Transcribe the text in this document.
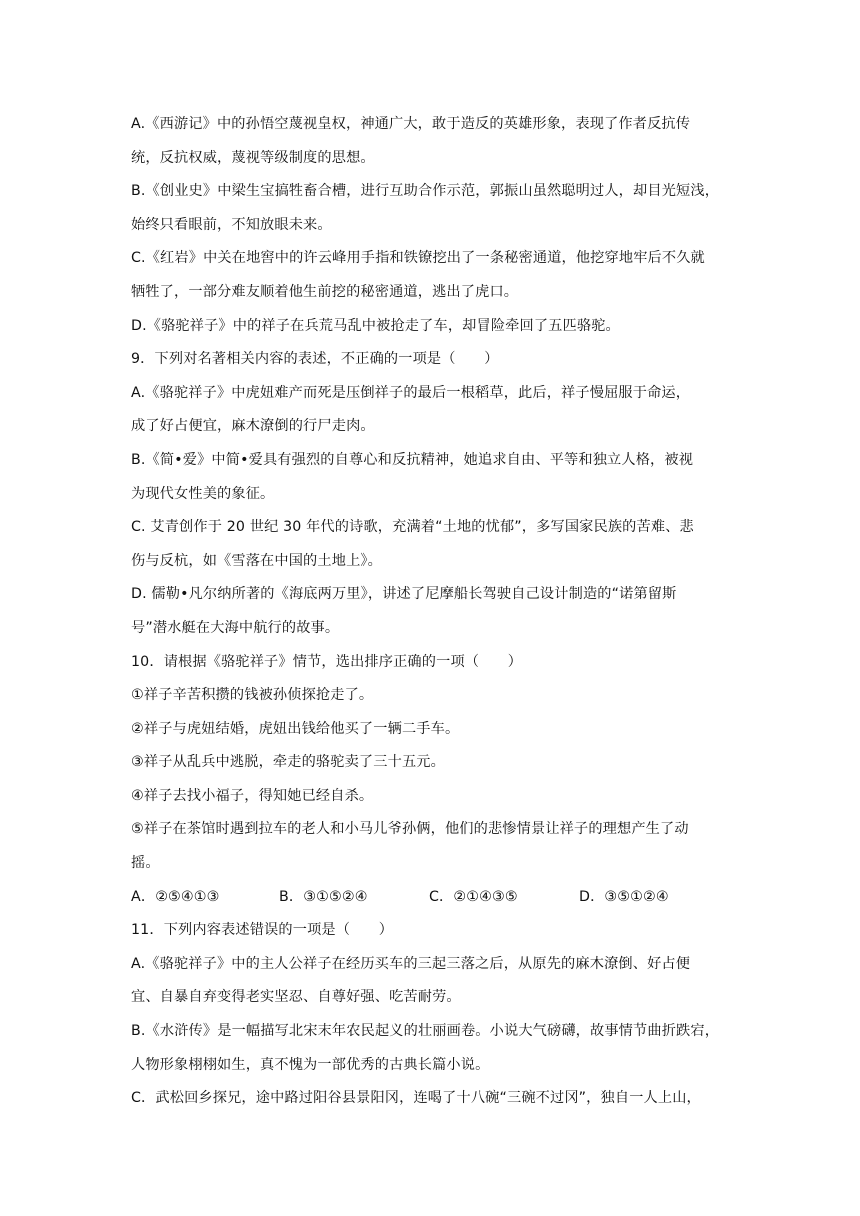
A.《西游记》中的孙悟空蔑视皇权，神通广大，敢于造反的英雄形象，表现了作者反抗传
统，反抗权威，蔑视等级制度的思想。
B.《创业史》中梁生宝搞牲畜合槽，进行互助合作示范，郭振山虽然聪明过人，却目光短浅，
始终只看眼前，不知放眼未来。
C.《红岩》中关在地窖中的许云峰用手指和铁镣挖出了一条秘密通道，他挖穿地牢后不久就
牺牲了，一部分难友顺着他生前挖的秘密通道，逃出了虎口。
D.《骆驼祥子》中的祥子在兵荒马乱中被抢走了车，却冒险牵回了五匹骆驼。
9．下列对名著相关内容的表述，不正确的一项是（　　）
A.《骆驼祥子》中虎妞难产而死是压倒祥子的最后一根稻草，此后，祥子慢屈服于命运，
成了好占便宜，麻木潦倒的行尸走肉。
B.《简•爱》中简•爱具有强烈的自尊心和反抗精神，她追求自由、平等和独立人格，被视
为现代女性美的象征。
C. 艾青创作于 20 世纪 30 年代的诗歌，充满着“土地的忧郁”，多写国家民族的苦难、悲
伤与反杭，如《雪落在中国的土地上》。
D. 儒勒•凡尔纳所著的《海底两万里》，讲述了尼摩船长驾驶自己设计制造的“诺第留斯
号”潜水艇在大海中航行的故事。
10．请根据《骆驼祥子》情节，选出排序正确的一项（　　）
①祥子辛苦积攒的钱被孙侦探抢走了。
②祥子与虎妞结婚，虎妞出钱给他买了一辆二手车。
③祥子从乱兵中逃脱，牵走的骆驼卖了三十五元。
④祥子去找小福子，得知她已经自杀。
⑤祥子在茶馆时遇到拉车的老人和小马儿爷孙俩，他们的悲惨情景让祥子的理想产生了动
摇。
A．②⑤④①③	B．③①⑤②④	C．②①④③⑤	D．③⑤①②④
11．下列内容表述错误的一项是（　　）
A.《骆驼祥子》中的主人公祥子在经历买车的三起三落之后，从原先的麻木潦倒、好占便
宜、自暴自弃变得老实坚忍、自尊好强、吃苦耐劳。
B.《水浒传》是一幅描写北宋末年农民起义的壮丽画卷。小说大气磅礴，故事情节曲折跌宕，
人物形象栩栩如生，真不愧为一部优秀的古典长篇小说。
C．武松回乡探兄，途中路过阳谷县景阳冈，连喝了十八碗“三碗不过冈”，独自一人上山，
